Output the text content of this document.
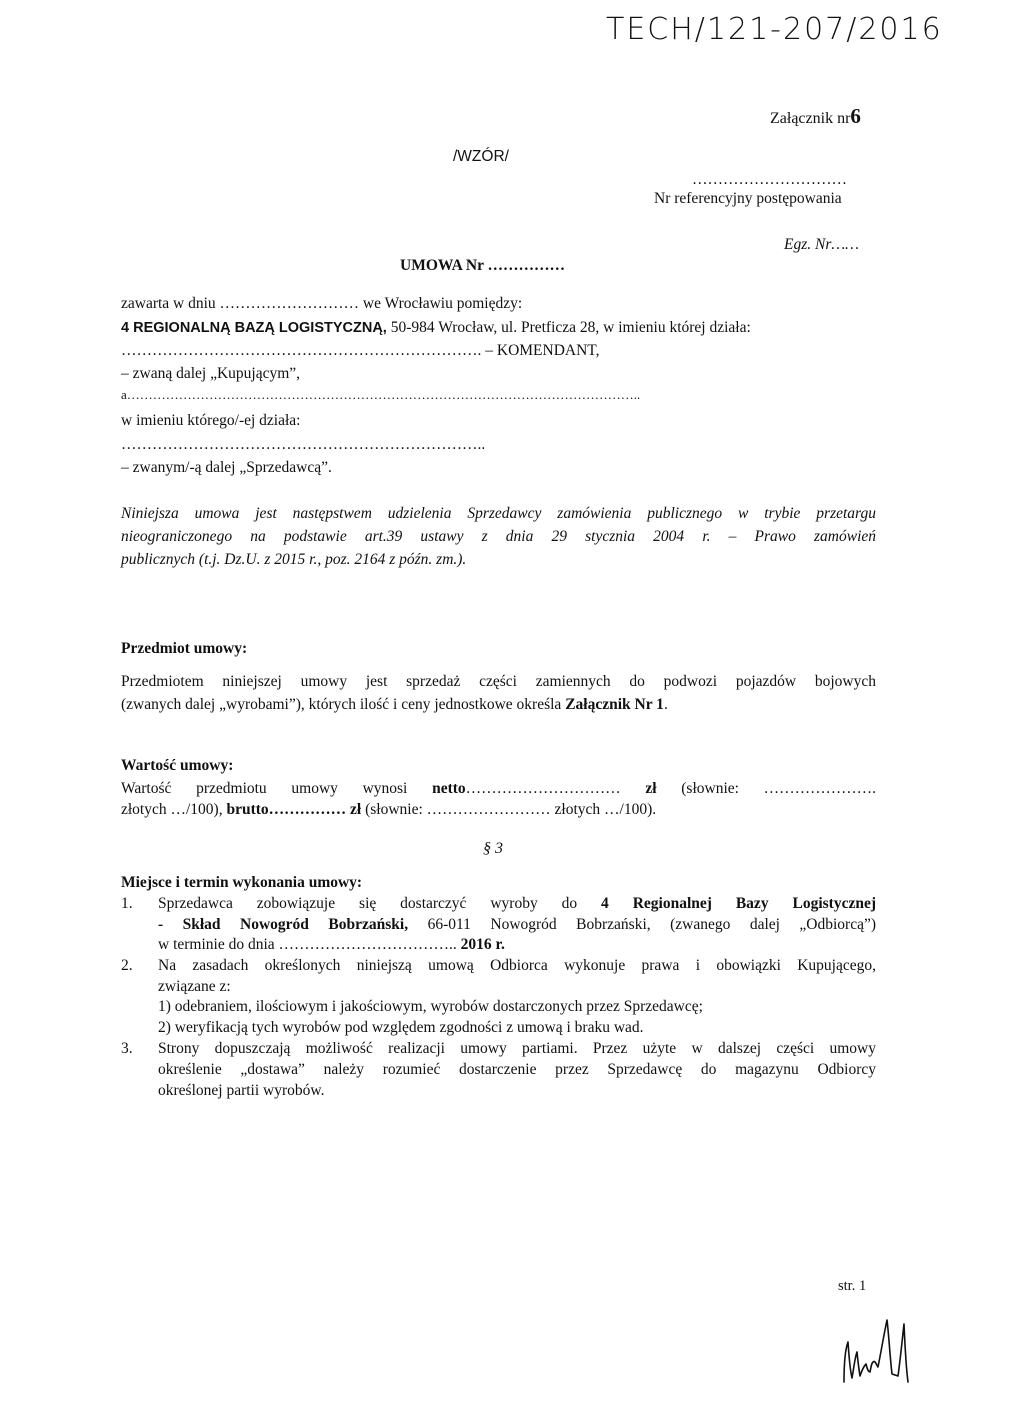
TECH/121-207/2016
Załącznik nr6
/WZÓR/
…………………………
Nr referencyjny postępowania
Egz. Nr……
UMOWA Nr ……………
zawarta w dniu ……………………… we Wrocławiu pomiędzy:
4 REGIONALNĄ BAZĄ LOGISTYCZNĄ, 50-984 Wrocław, ul. Pretficza 28, w imieniu której działa:
……………………………………………………………. – KOMENDANT,
– zwaną dalej „Kupującym”,
a………………………………………………………………………………………………………..
w imieniu którego/-ej działa:
……………………………………………………………..
– zwanym/-ą dalej „Sprzedawcą”.
Niniejsza umowa jest następstwem udzielenia Sprzedawcy zamówienia publicznego w trybie przetargu
nieograniczonego na podstawie art.39 ustawy z dnia 29 stycznia 2004 r. – Prawo zamówień
publicznych (t.j. Dz.U. z 2015 r., poz. 2164 z późn. zm.).
Przedmiot umowy:
Przedmiotem niniejszej umowy jest sprzedaż części zamiennych do podwozi pojazdów bojowych
(zwanych dalej „wyrobami”), których ilość i ceny jednostkowe określa Załącznik Nr 1.
Wartość umowy:
Wartość przedmiotu umowy wynosi netto………………………… zł (słownie: ………………….
złotych …/100), brutto…………… zł (słownie: …………………… złotych …/100).
§ 3
Miejsce i termin wykonania umowy:
1. Sprzedawca zobowiązuje się dostarczyć wyroby do 4 Regionalnej Bazy Logistycznej
- Skład Nowogród Bobrzański, 66-011 Nowogród Bobrzański, (zwanego dalej „Odbiorcą”)
w terminie do dnia …………………………….. 2016 r.
2. Na zasadach określonych niniejszą umową Odbiorca wykonuje prawa i obowiązki Kupującego,
związane z:
1) odebraniem, ilościowym i jakościowym, wyrobów dostarczonych przez Sprzedawcę;
2) weryfikacją tych wyrobów pod względem zgodności z umową i braku wad.
3. Strony dopuszczają możliwość realizacji umowy partiami. Przez użyte w dalszej części umowy
określenie „dostawa” należy rozumieć dostarczenie przez Sprzedawcę do magazynu Odbiorcy
określonej partii wyrobów.
str. 1
